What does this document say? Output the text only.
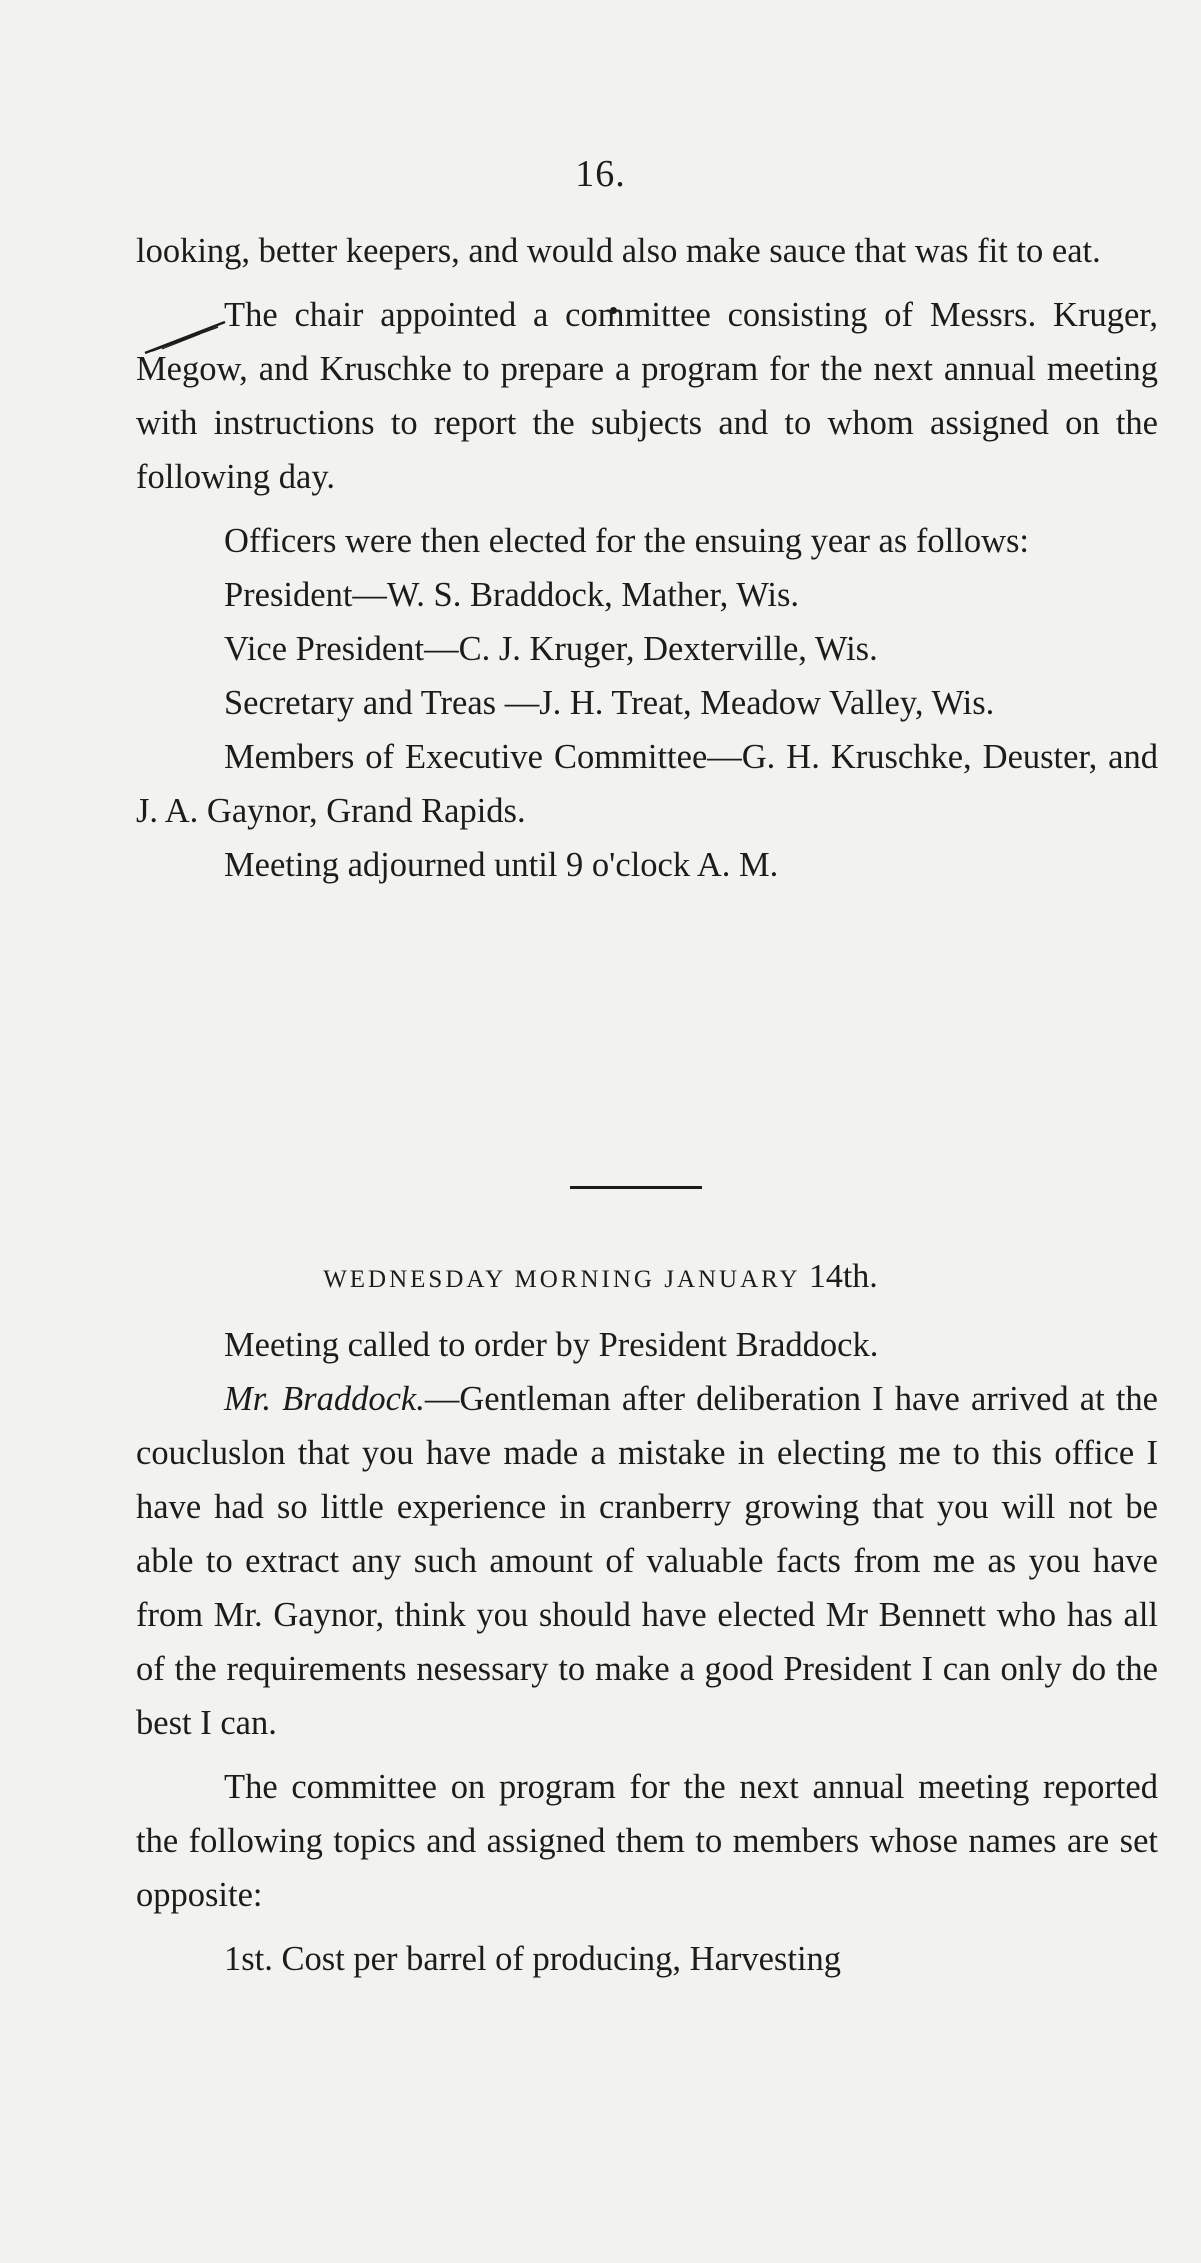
16.

looking, better keepers, and would also make sauce that was fit to eat.

The chair appointed a committee consisting of Messrs. Kruger, Megow, and Kruschke to prepare a program for the next annual meeting with instructions to report the subjects and to whom assigned on the following day.

Officers were then elected for the ensuing year as follows:

President—W. S. Braddock, Mather, Wis.

Vice President—C. J. Kruger, Dexterville, Wis.

Secretary and Treas —J. H. Treat, Meadow Valley, Wis.

Members of Executive Committee—G. H. Kruschke, Deuster, and J. A. Gaynor, Grand Rapids.

Meeting adjourned until 9 o'clock A. M.

WEDNESDAY MORNING JANUARY 14th.

Meeting called to order by President Braddock.

Mr. Braddock.—Gentleman after deliberation I have arrived at the coucluslon that you have made a mistake in electing me to this office I have had so little experience in cranberry growing that you will not be able to extract any such amount of valuable facts from me as you have from Mr. Gaynor, think you should have elected Mr Bennett who has all of the requirements nesessary to make a good President I can only do the best I can.

The committee on program for the next annual meeting reported the following topics and assigned them to members whose names are set opposite:

1st. Cost per barrel of producing, Harvesting
